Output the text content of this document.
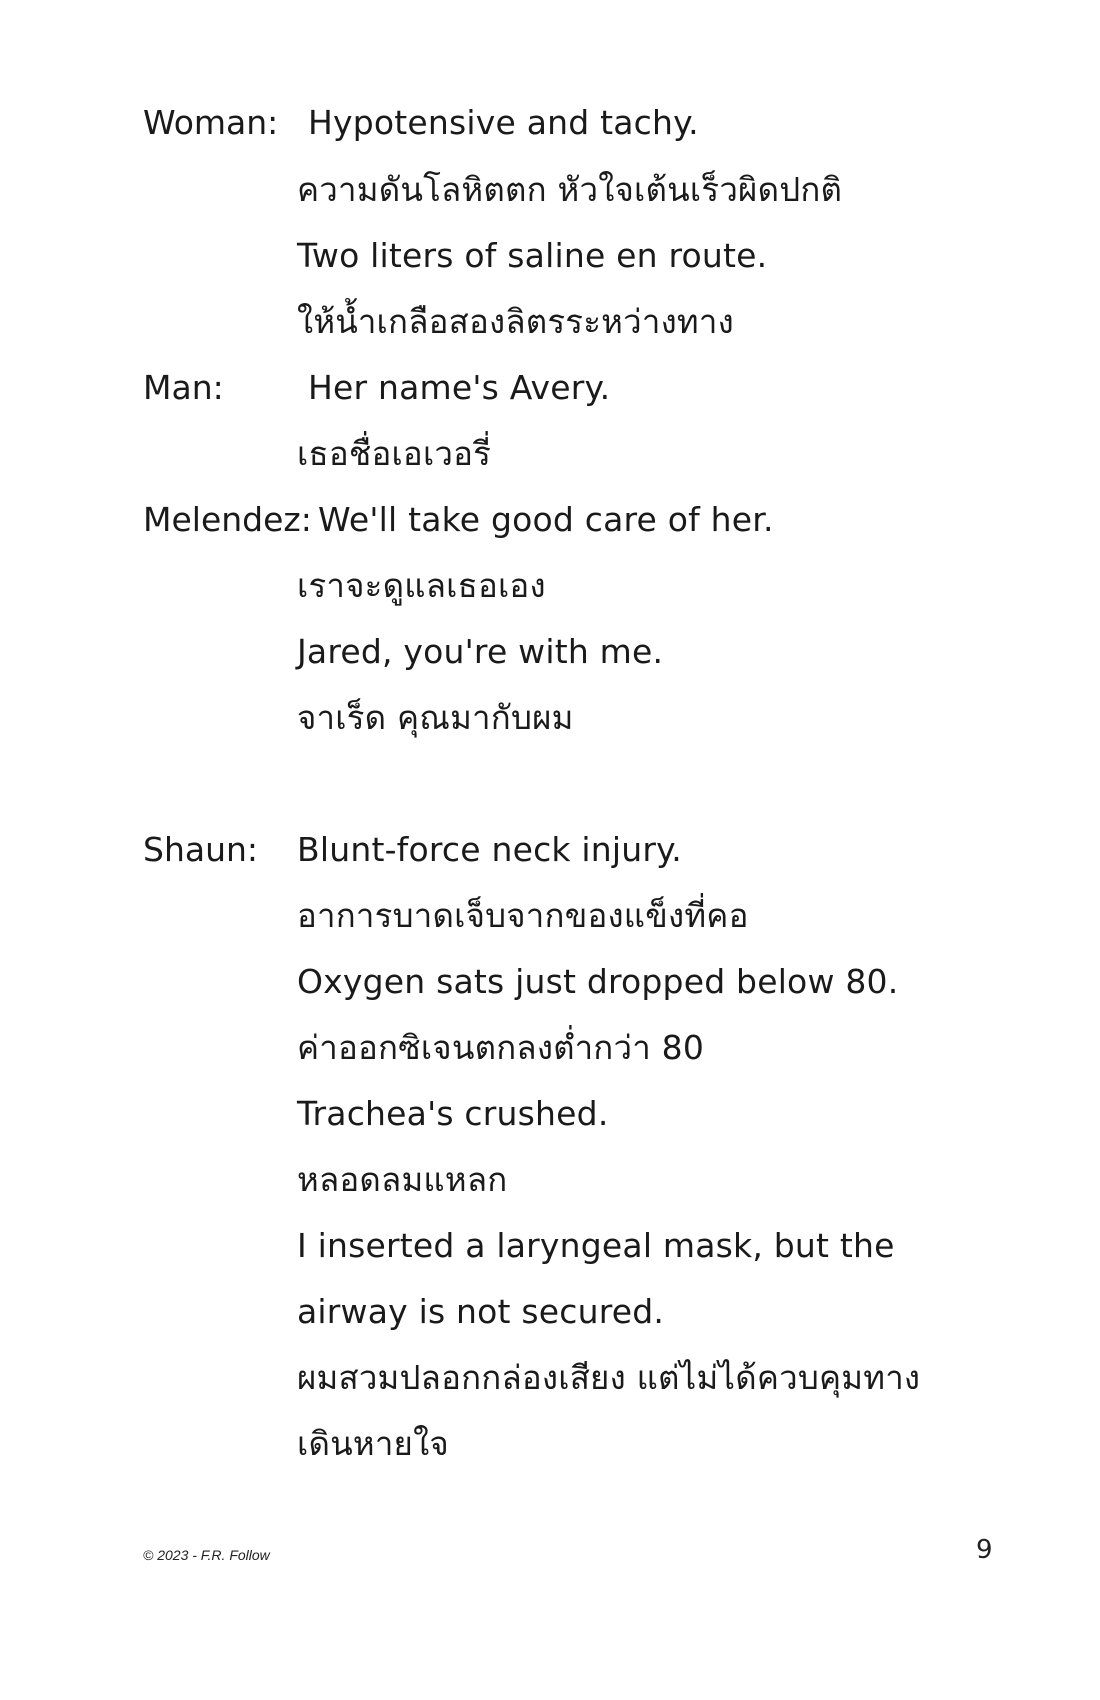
Woman: Hypotensive and tachy.
ความดันโลหิตตก หัวใจเต้นเร็วผิดปกติ
Two liters of saline en route.
ให้น้ำเกลือสองลิตรระหว่างทาง
Man:	Her name's Avery.
เธอชื่อเอเวอรี่
Melendez: We'll take good care of her.
เราจะดูแลเธอเอง
Jared, you're with me.
จาเร็ด คุณมากับผม
Shaun: Blunt-force neck injury.
อาการบาดเจ็บจากของแข็งที่คอ
Oxygen sats just dropped below 80.
ค่าออกซิเจนตกลงต่ำกว่า 80
Trachea's crushed.
หลอดลมแหลก
I inserted a laryngeal mask, but the
airway is not secured.
ผมสวมปลอกกล่องเสียง แต่ไม่ได้ควบคุมทาง
เดินหายใจ
© 2023 - F.R. Follow	9
